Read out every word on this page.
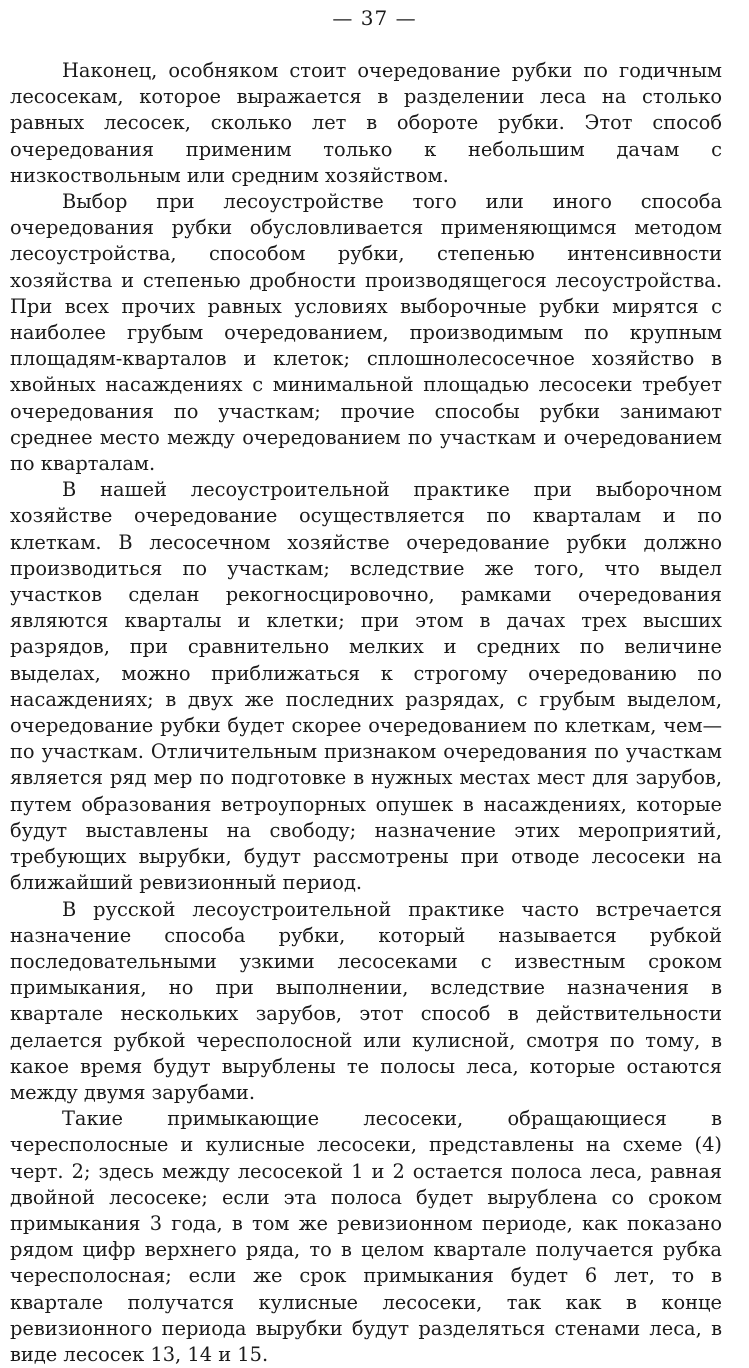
— 37 —

Наконец, особняком стоит очередование рубки по годичным лесосекам, которое выражается в разделении леса на столько равных лесосек, сколько лет в обороте рубки. Этот способ очередования применим только к небольшим дачам с низкоствольным или средним хозяйством.

Выбор при лесоустройстве того или иного способа очередования рубки обусловливается применяющимся методом лесоустройства, способом рубки, степенью интенсивности хозяйства и степенью дробности производящегося лесоустройства. При всех прочих равных условиях выборочные рубки мирятся с наиболее грубым очередованием, производимым по крупным площадям-кварталов и клеток; сплошнолесосечное хозяйство в хвойных насаждениях с минимальной площадью лесосеки требует очередования по участкам; прочие способы рубки занимают среднее место между очередованием по участкам и очередованием по кварталам.

В нашей лесоустроительной практике при выборочном хозяйстве очередование осуществляется по кварталам и по клеткам. В лесосечном хозяйстве очередование рубки должно производиться по участкам; вследствие же того, что выдел участков сделан рекогносцировочно, рамками очередования являются кварталы и клетки; при этом в дачах трех высших разрядов, при сравнительно мелких и средних по величине выделах, можно приближаться к строгому очередованию по насаждениях; в двух же последних разрядах, с грубым выделом, очередование рубки будет скорее очередованием по клеткам, чем—по участкам. Отличительным признаком очередования по участкам является ряд мер по подготовке в нужных местах мест для зарубов, путем образования ветроупорных опушек в насаждениях, которые будут выставлены на свободу; назначение этих мероприятий, требующих вырубки, будут рассмотрены при отводе лесосеки на ближайший ревизионный период.

В русской лесоустроительной практике часто встречается назначение способа рубки, который называется рубкой последовательными узкими лесосеками с известным сроком примыкания, но при выполнении, вследствие назначения в квартале нескольких зарубов, этот способ в действительности делается рубкой чересполосной или кулисной, смотря по тому, в какое время будут вырублены те полосы леса, которые остаются между двумя зарубами.

Такие примыкающие лесосеки, обращающиеся в чересполосные и кулисные лесосеки, представлены на схеме (4) черт. 2; здесь между лесосекой 1 и 2 остается полоса леса, равная двойной лесосеке; если эта полоса будет вырублена со сроком примыкания 3 года, в том же ревизионном периоде, как показано рядом цифр верхнего ряда, то в целом квартале получается рубка чересполосная; если же срок примыкания будет 6 лет, то в квартале получатся кулисные лесосеки, так как в конце ревизионного периода вырубки будут разделяться стенами леса, в виде лесосек 13, 14 и 15.
